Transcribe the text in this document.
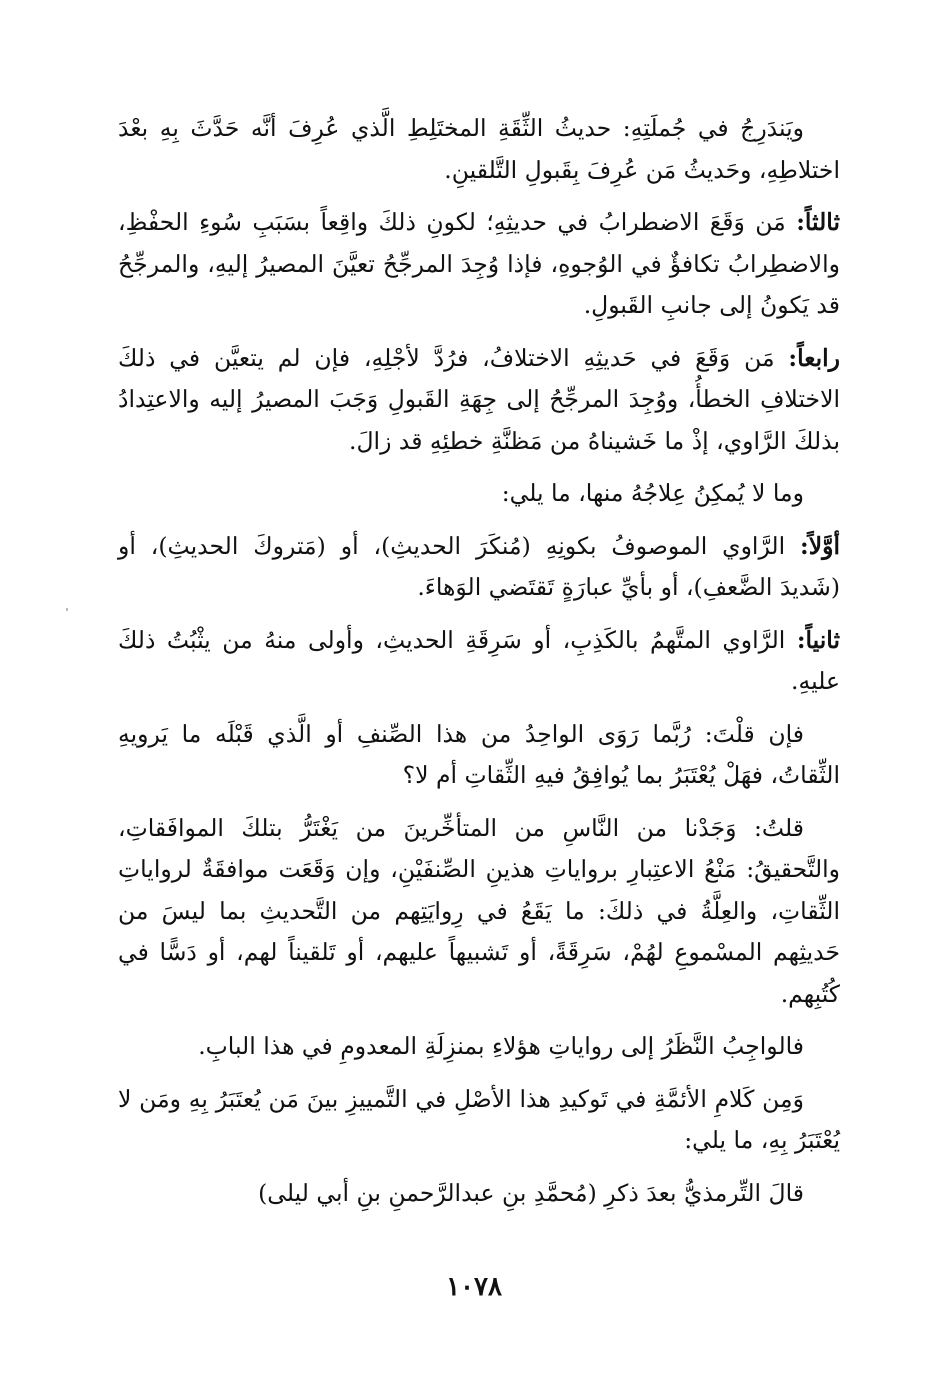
ويَندَرِجُ في جُملَتِهِ: حديثُ الثِّقَةِ المختَلِطِ الَّذي عُرِفَ أنَّه حَدَّثَ بِهِ بعْدَ اختلاطِهِ، وحَديثُ مَن عُرِفَ بِقَبولِ التَّلقينِ.

ثالثاً: مَن وَقَعَ الاضطرابُ في حديثِهِ؛ لكونِ ذلكَ واقِعاً بسَبَبِ سُوءِ الحفْظِ، والاضطِرابُ تكافؤٌ في الوُجوهِ، فإذا وُجِدَ المرجِّحُ تعيَّنَ المصيرُ إليهِ، والمرجِّحُ قد يَكونُ إلى جانبِ القَبولِ.

رابعاً: مَن وَقَعَ في حَديثِهِ الاختلافُ، فرُدَّ لأجْلِهِ، فإن لم يتعيَّن في ذلكَ الاختلافِ الخطأُ، ووُجِدَ المرجِّحُ إلى جِهَةِ القَبولِ وَجَبَ المصيرُ إليه والاعتِدادُ بذلكَ الرَّاوي، إذْ ما خَشيناهُ من مَظنَّةِ خطئِهِ قد زالَ.

وما لا يُمكِنُ عِلاجُهُ منها، ما يلي:

أوَّلاً: الرَّاوي الموصوفُ بكونِهِ (مُنكَرَ الحديثِ)، أو (مَتروكَ الحديثِ)، أو (شَديدَ الضَّعفِ)، أو بأيِّ عبارَةٍ تَقتَضي الوَهاءَ.

ثانياً: الرَّاوي المتَّهمُ بالكَذِبِ، أو سَرِقَةِ الحديثِ، وأولى منهُ من يثْبُتُ ذلكَ عليهِ.

فإن قلْتَ: رُبَّما رَوَى الواحِدُ من هذا الصِّنفِ أو الَّذي قَبْلَه ما يَرويهِ الثِّقاتُ، فهَلْ يُعْتَبَرُ بما يُوافِقُ فيهِ الثِّقاتِ أم لا؟

قلتُ: وَجَدْنا من النَّاسِ من المتأخِّرينَ من يَغْتَرُّ بتلكَ الموافَقاتِ، والتَّحقيقُ: مَنْعُ الاعتِبارِ برواياتِ هذينِ الصِّنفَيْنِ، وإن وَقَعَت موافقَةٌ لرواياتِ الثِّقاتِ، والعِلَّةُ في ذلكَ: ما يَقَعُ في رِوايَتِهم من التَّحديثِ بما ليسَ من حَديثِهم المسْموعِ لهُمْ، سَرِقَةً، أو تَشبيهاً عليهم، أو تَلقيناً لهم، أو دَسًّا في كُتُبِهم.

فالواجِبُ النَّظَرُ إلى رواياتِ هؤلاءِ بمنزِلَةِ المعدومِ في هذا البابِ.

وَمِن كَلامِ الأئمَّةِ في تَوكيدِ هذا الأصْلِ في التَّمييزِ بينَ مَن يُعتَبَرُ بِهِ ومَن لا يُعْتَبَرُ بِهِ، ما يلي:

قالَ التِّرمذيُّ بعدَ ذكرِ (مُحمَّدِ بنِ عبدالرَّحمنِ بنِ أبي ليلى)

١٠٧٨
